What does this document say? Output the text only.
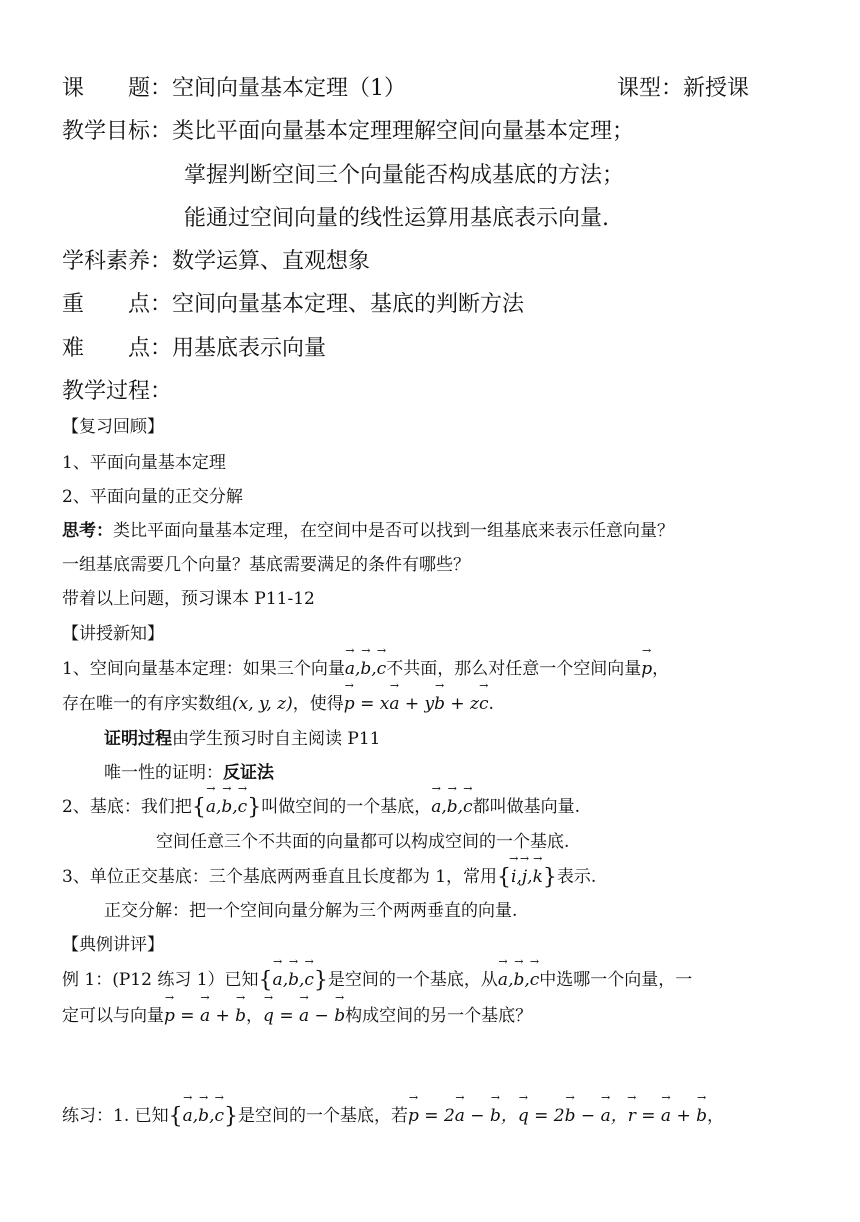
课　　题：空间向量基本定理（1）	课型：新授课
教学目标：类比平面向量基本定理理解空间向量基本定理；
掌握判断空间三个向量能否构成基底的方法；
能通过空间向量的线性运算用基底表示向量.
学科素养：数学运算、直观想象
重　　点：空间向量基本定理、基底的判断方法
难　　点：用基底表示向量
教学过程：
【复习回顾】
1、平面向量基本定理
2、平面向量的正交分解
思考：类比平面向量基本定理，在空间中是否可以找到一组基底来表示任意向量？
一组基底需要几个向量？基底需要满足的条件有哪些？
带着以上问题，预习课本 P11-12
【讲授新知】
1、空间向量基本定理：如果三个向量a →,b →,c →不共面，那么对任意一个空间向量p →，
存在唯一的有序实数组(x, y, z)，使得p → = xa → + yb → + zc →.
证明过程由学生预习时自主阅读 P11
唯一性的证明：反证法
2、基底：我们把{a →,b →,c →}叫做空间的一个基底，a →,b →,c →都叫做基向量.
空间任意三个不共面的向量都可以构成空间的一个基底.
3、单位正交基底：三个基底两两垂直且长度都为 1，常用{i →,j →,k →}表示.
正交分解：把一个空间向量分解为三个两两垂直的向量.
【典例讲评】
例 1：(P12 练习 1）已知{a →,b →,c →}是空间的一个基底，从a →,b →,c →中选哪一个向量，一
定可以与向量p → = a → + b →，q → = a → − b →构成空间的另一个基底？
练习：1. 已知{a →,b →,c →}是空间的一个基底，若p → = 2a → − b →，q → = 2b → − a →，r → = a → + b →，
